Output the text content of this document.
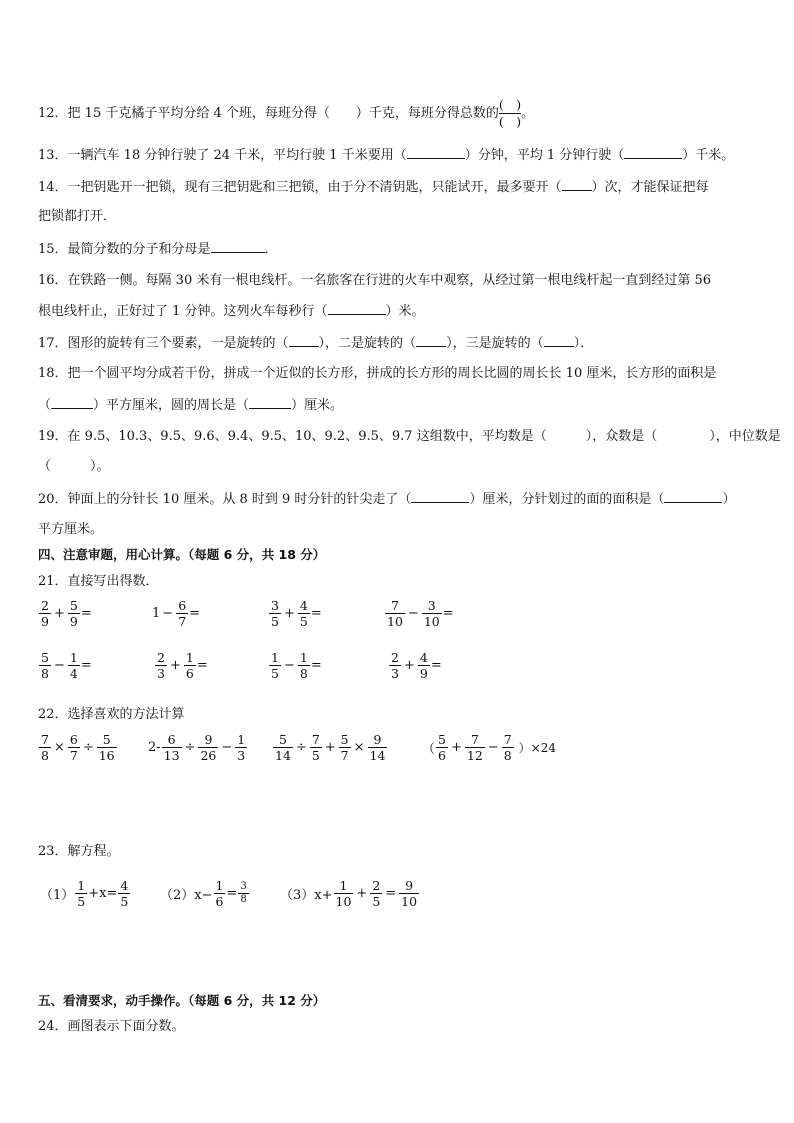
12．把 15 千克橘子平均分给 4 个班，每班分得（　　）千克，每班分得总数的
(　)
(　)
。
13．一辆汽车 18 分钟行驶了 24 千米，平均行驶 1 千米要用（	）分钟，平均 1 分钟行驶（	）千米。
14．一把钥匙开一把锁，现有三把钥匙和三把锁，由于分不清钥匙，只能试开，最多要开（ ）次，才能保证把每
把锁都打开．
15．最简分数的分子和分母是	．
16．在铁路一侧。每隔 30 米有一根电线杆。一名旅客在行进的火车中观察，从经过第一根电线杆起一直到经过第 56
根电线杆止，正好过了 1 分钟。这列火车每秒行（	）米。
17．图形的旋转有三个要素，一是旋转的（ ），二是旋转的（ ），三是旋转的（ ）．
18．把一个圆平均分成若干份，拼成一个近似的长方形，拼成的长方形的周长比圆的周长长 10 厘米，长方形的面积是
（	）平方厘米，圆的周长是（	）厘米。
19．在 9.5、10.3、9.5、9.6、9.4、9.5、10、9.2、9.5、9.7 这组数中，平均数是（　　　），众数是（　　　　），中位数是
（　　　）。
20．钟面上的分针长 10 厘米。从 8 时到 9 时分针的针尖走了（	）厘米，分针划过的面的面积是（	）
平方厘米。
四、注意审题，用心计算。（每题 6 分，共 18 分）
21．直接写出得数．
$\frac{2}{9} + \frac{5}{9}$ =	$1 - \frac{6}{7}$ =	$\frac{3}{5} + \frac{4}{5}$ =	$\frac{7}{10} - \frac{3}{10}$ =
$\frac{5}{8} - \frac{1}{4}$ =	$\frac{2}{3} + \frac{1}{6}$ =	$\frac{1}{5} - \frac{1}{8}$ =	$\frac{2}{3} + \frac{4}{9}$ =
22．选择喜欢的方法计算
$\frac{7}{8} \times \frac{6}{7} \div \frac{5}{16} 2- \frac{6}{13} \div \frac{9}{26} - \frac{1}{3} \frac{5}{14} \div \frac{7}{5} + \frac{5}{7} \times \frac{9}{14}$	（ $\frac{5}{6} + \frac{7}{12} - \frac{7}{8} )\times 24$
23．解方程。
$(1) \frac{1}{5} +x= \frac{4}{5} (2)x- \frac{1}{6} = \frac{3}{8} (3)x+ \frac{1}{10} + \frac{2}{5} = \frac{9}{10}$
五、看清要求，动手操作。（每题 6 分，共 12 分）
24．画图表示下面分数。
